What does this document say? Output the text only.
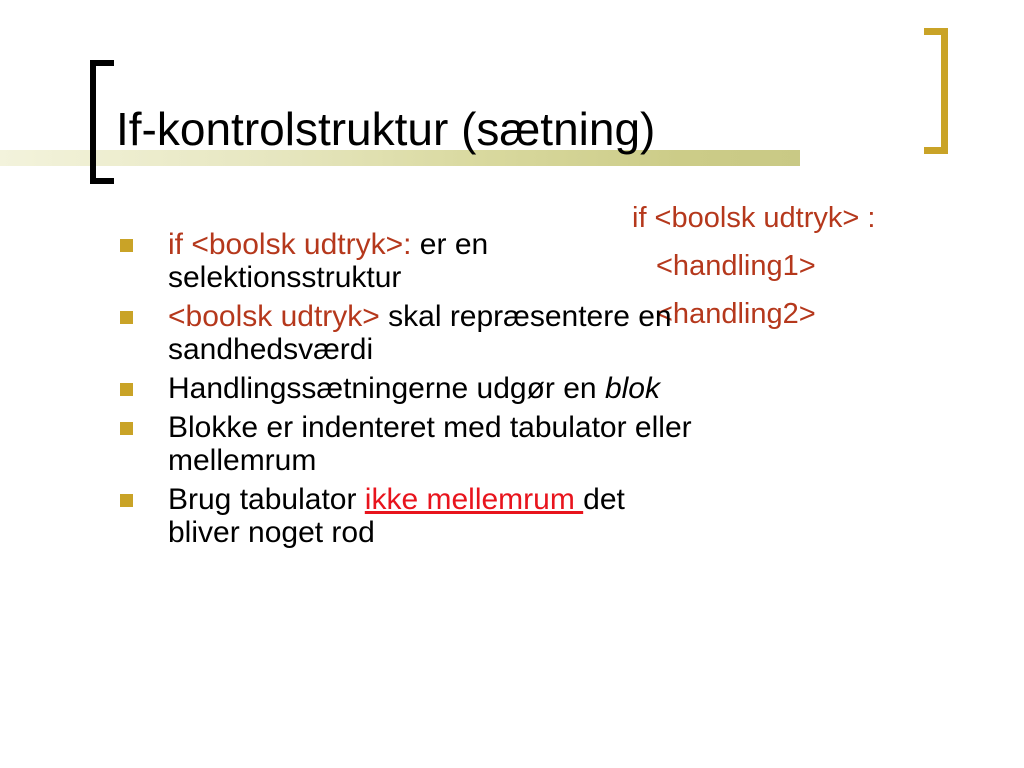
If-kontrolstruktur (sætning)
if <boolsk udtryk> :
<handling1>
<handling2>
if <boolsk udtryk>: er en selektionsstruktur
<boolsk udtryk> skal repræsentere en sandhedsværdi
Handlingssætningerne udgør en blok
Blokke er indenteret med tabulator eller mellemrum
Brug tabulator ikke mellemrum det bliver noget rod
